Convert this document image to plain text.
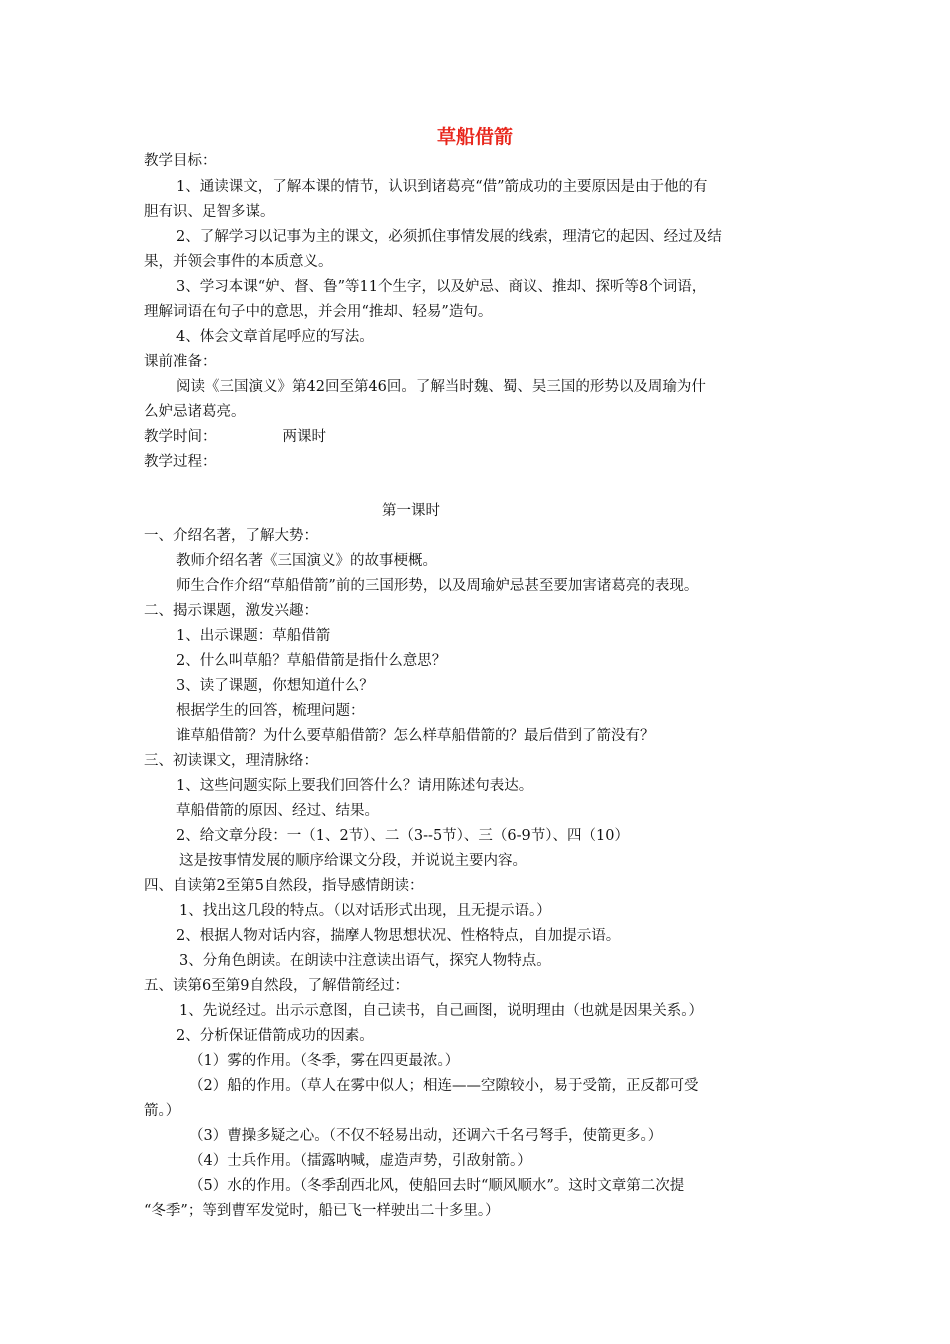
草船借箭
教学目标：
1、通读课文，了解本课的情节，认识到诸葛亮“借”箭成功的主要原因是由于他的有
胆有识、足智多谋。
2、了解学习以记事为主的课文，必须抓住事情发展的线索，理清它的起因、经过及结
果，并领会事件的本质意义。
3、学习本课“妒、督、鲁”等11个生字，以及妒忌、商议、推却、探听等8个词语，
理解词语在句子中的意思，并会用“推却、轻易”造句。
4、体会文章首尾呼应的写法。
课前准备：
阅读《三国演义》第42回至第46回。了解当时魏、蜀、吴三国的形势以及周瑜为什
么妒忌诸葛亮。
教学时间：	两课时
教学过程：
第一课时
一、介绍名著，了解大势：
教师介绍名著《三国演义》的故事梗概。
师生合作介绍“草船借箭”前的三国形势，以及周瑜妒忌甚至要加害诸葛亮的表现。
二、揭示课题，激发兴趣：
1、出示课题：草船借箭
2、什么叫草船？草船借箭是指什么意思？
3、读了课题，你想知道什么？
根据学生的回答，梳理问题：
谁草船借箭？为什么要草船借箭？怎么样草船借箭的？最后借到了箭没有？
三、初读课文，理清脉络：
1、这些问题实际上要我们回答什么？请用陈述句表达。
草船借箭的原因、经过、结果。
2、给文章分段：一（1、2节）、二（3--5节）、三（6-9节）、四（10）
这是按事情发展的顺序给课文分段，并说说主要内容。
四、自读第2至第5自然段，指导感情朗读：
1、找出这几段的特点。（以对话形式出现，且无提示语。）
2、根据人物对话内容，揣摩人物思想状况、性格特点，自加提示语。
3、分角色朗读。在朗读中注意读出语气，探究人物特点。
五、读第6至第9自然段，了解借箭经过：
1、先说经过。出示示意图，自己读书，自己画图，说明理由（也就是因果关系。）
2、分析保证借箭成功的因素。
（1）雾的作用。（冬季，雾在四更最浓。）
（2）船的作用。（草人在雾中似人；相连——空隙较小，易于受箭，正反都可受
箭。）
（3）曹操多疑之心。（不仅不轻易出动，还调六千名弓弩手，使箭更多。）
（4）士兵作用。（擂露呐喊，虚造声势，引敌射箭。）
（5）水的作用。（冬季刮西北风，使船回去时“顺风顺水”。这时文章第二次提
“冬季”；等到曹军发觉时，船已飞一样驶出二十多里。）
